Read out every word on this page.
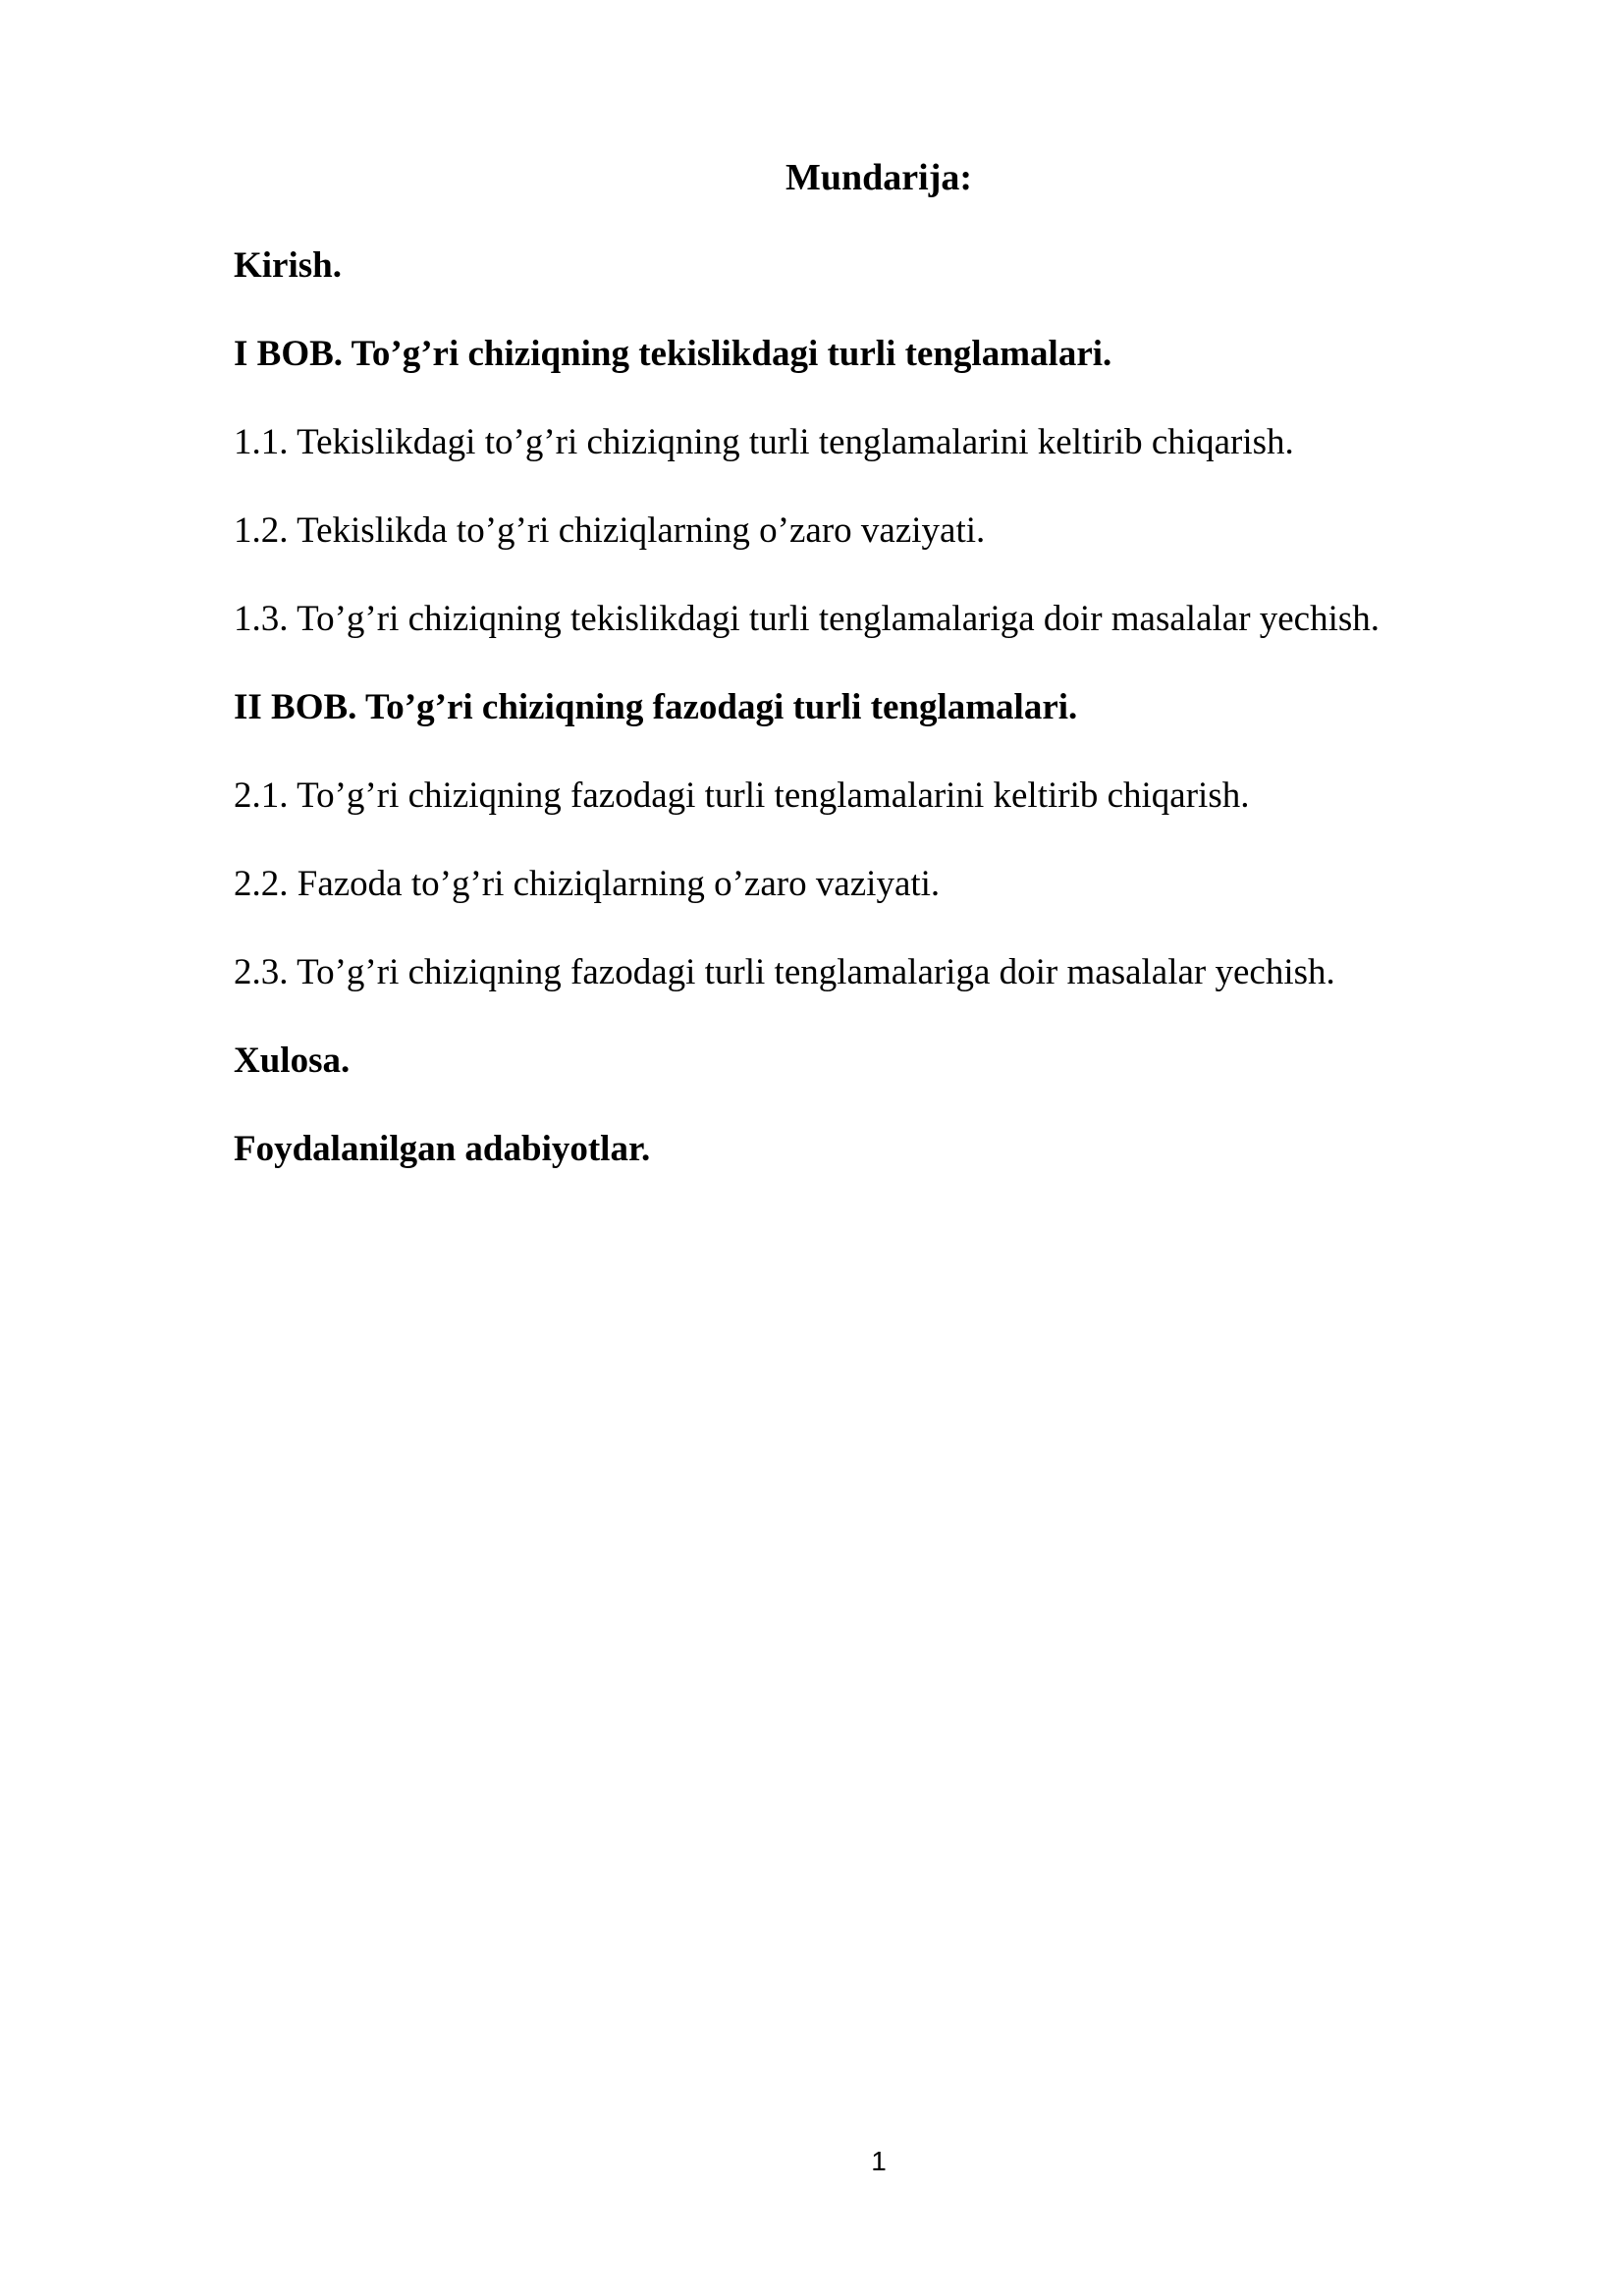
Mundarija:
Kirish.
I BOB. To’g’ri chiziqning tekislikdagi turli tenglamalari.
1.1. Tekislikdagi to’g’ri chiziqning turli tenglamalarini keltirib chiqarish.
1.2. Tekislikda to’g’ri chiziqlarning o’zaro vaziyati.
1.3. To’g’ri chiziqning tekislikdagi turli tenglamalariga doir masalalar yechish.
II BOB. To’g’ri chiziqning fazodagi turli tenglamalari.
2.1. To’g’ri chiziqning fazodagi turli tenglamalarini keltirib chiqarish.
2.2. Fazoda to’g’ri chiziqlarning o’zaro vaziyati.
2.3. To’g’ri chiziqning fazodagi turli tenglamalariga doir masalalar yechish.
Xulosa.
Foydalanilgan adabiyotlar.
1
